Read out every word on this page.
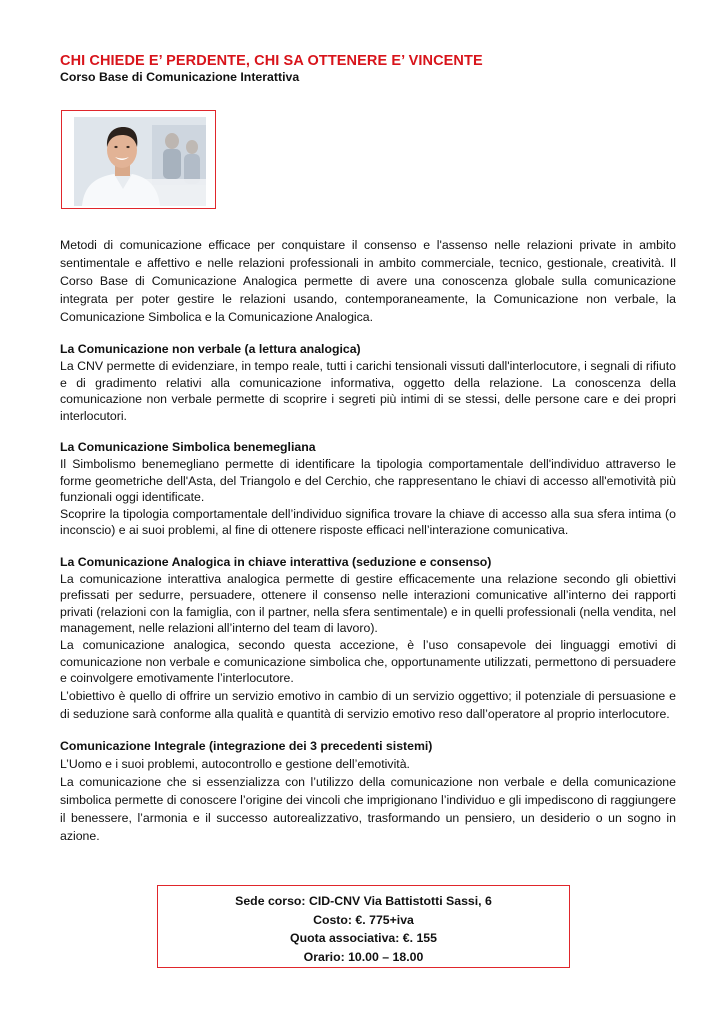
CHI CHIEDE E’ PERDENTE, CHI SA OTTENERE E’ VINCENTE
Corso Base di Comunicazione Interattiva

Metodi di comunicazione efficace per conquistare il consenso e l'assenso nelle relazioni private in ambito sentimentale e affettivo e nelle relazioni professionali in ambito commerciale, tecnico, gestionale, creatività. Il Corso Base di Comunicazione Analogica permette di avere una conoscenza globale sulla comunicazione integrata per poter gestire le relazioni usando, contemporaneamente, la Comunicazione non verbale, la Comunicazione Simbolica e la Comunicazione Analogica.

La Comunicazione non verbale (a lettura analogica)

La CNV permette di evidenziare, in tempo reale, tutti i carichi tensionali vissuti dall'interlocutore, i segnali di rifiuto e di gradimento relativi alla comunicazione informativa, oggetto della relazione. La conoscenza della comunicazione non verbale permette di scoprire i segreti più intimi di se stessi, delle persone care e dei propri interlocutori.

La Comunicazione Simbolica benemegliana

Il Simbolismo benemegliano permette di identificare la tipologia comportamentale dell'individuo attraverso le forme geometriche dell'Asta, del Triangolo e del Cerchio, che rappresentano le chiavi di accesso all'emotività più funzionali oggi identificate.

Scoprire la tipologia comportamentale dell’individuo significa trovare la chiave di accesso alla sua sfera intima (o inconscio) e ai suoi problemi, al fine di ottenere risposte efficaci nell’interazione comunicativa.

La Comunicazione Analogica in chiave interattiva (seduzione e consenso)

La comunicazione interattiva analogica permette di gestire efficacemente una relazione secondo gli obiettivi prefissati per sedurre, persuadere, ottenere il consenso nelle interazioni comunicative all’interno dei rapporti privati (relazioni con la famiglia, con il partner, nella sfera sentimentale) e in quelli professionali (nella vendita, nel management, nelle relazioni all’interno del team di lavoro).

La comunicazione analogica, secondo questa accezione, è l’uso consapevole dei linguaggi emotivi di comunicazione non verbale e comunicazione simbolica che, opportunamente utilizzati, permettono di persuadere e coinvolgere emotivamente l’interlocutore.

L’obiettivo è quello di offrire un servizio emotivo in cambio di un servizio oggettivo; il potenziale di persuasione e di seduzione sarà conforme alla qualità e quantità di servizio emotivo reso dall’operatore al proprio interlocutore.

Comunicazione Integrale (integrazione dei 3 precedenti sistemi)

L’Uomo e i suoi problemi, autocontrollo e gestione dell’emotività.

La comunicazione che si essenzializza con l’utilizzo della comunicazione non verbale e della comunicazione simbolica permette di conoscere l’origine dei vincoli che imprigionano l’individuo e gli impediscono di raggiungere il benessere, l’armonia e il successo autorealizzativo, trasformando un pensiero, un desiderio o un sogno in azione.

Sede corso: CID-CNV Via Battistotti Sassi, 6
Costo: €. 775+iva
Quota associativa: €. 155
Orario: 10.00 – 18.00
